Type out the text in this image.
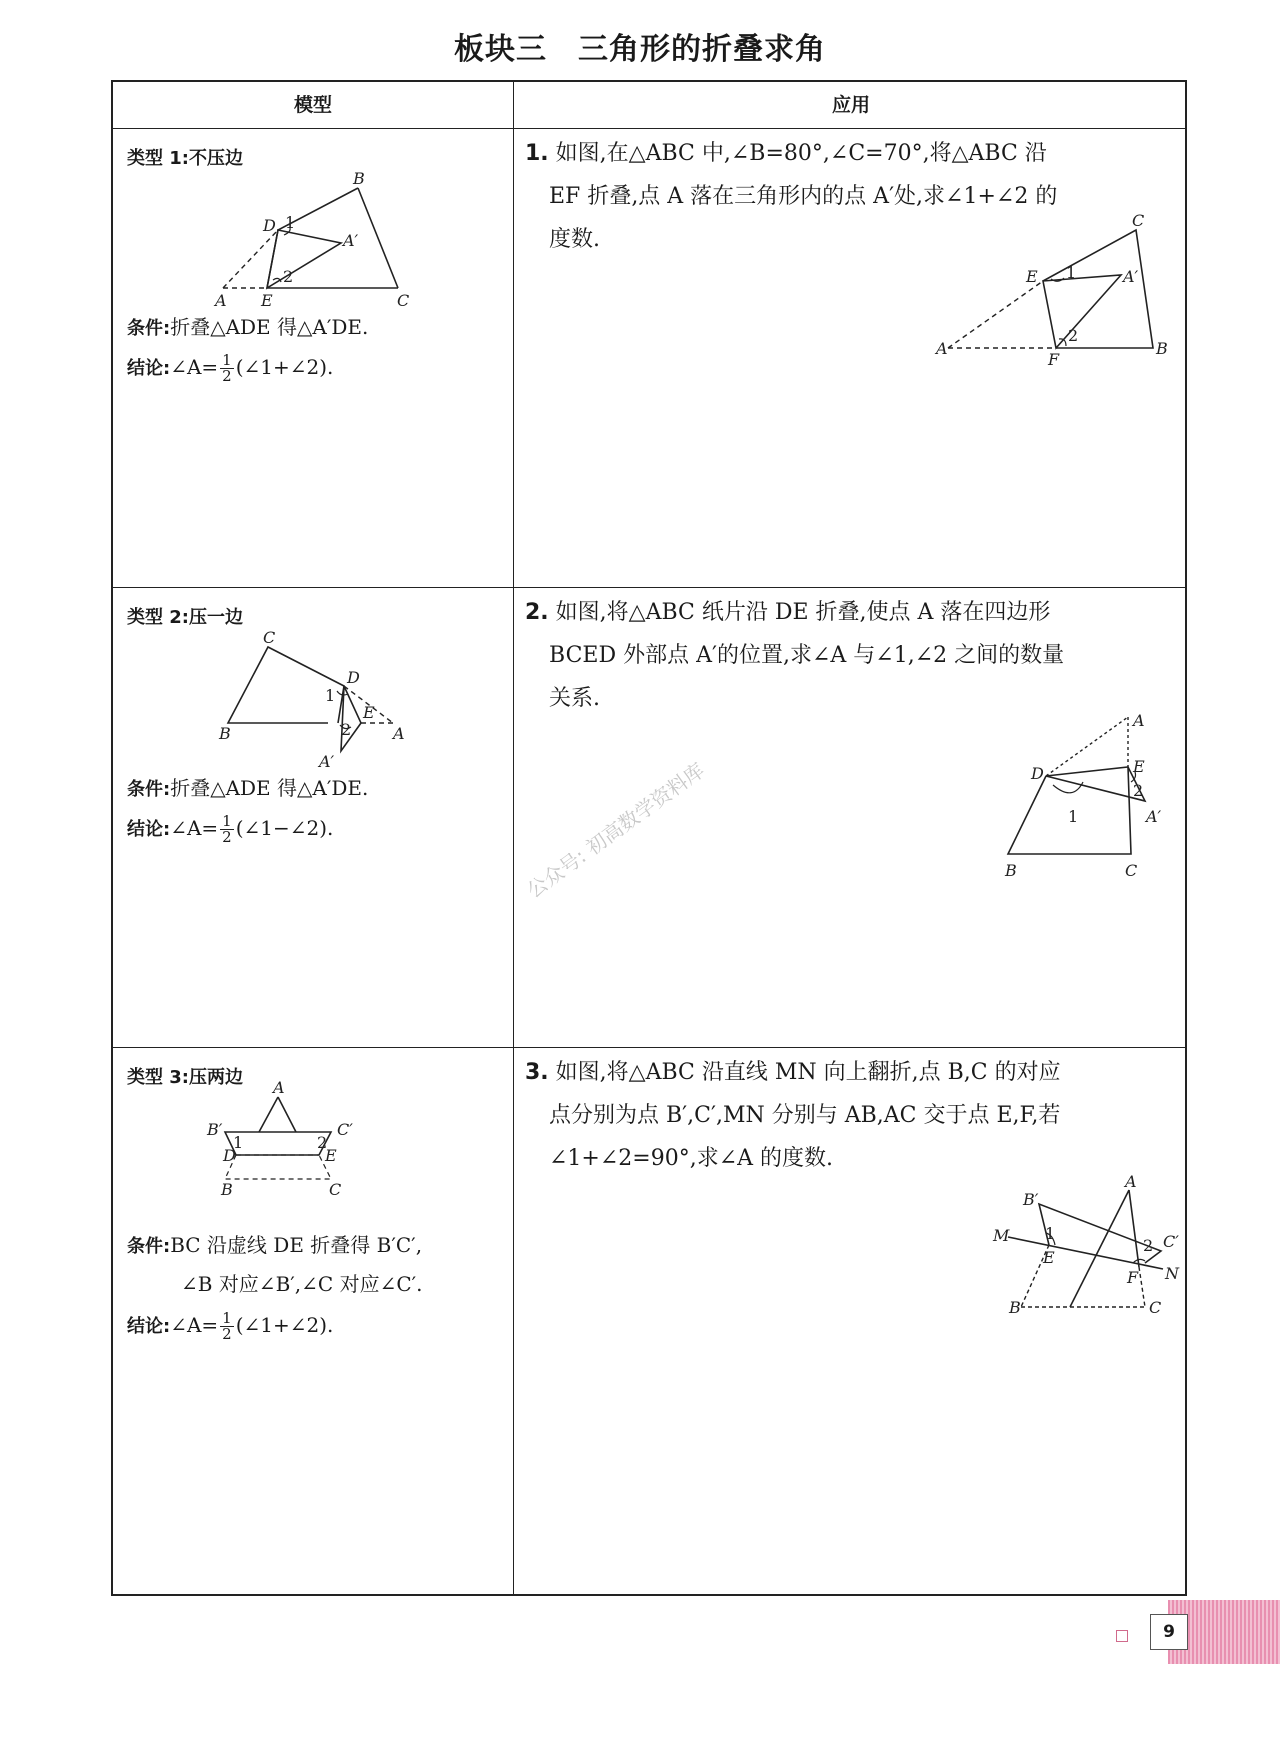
板块三　三角形的折叠求角
模型	应用
类型 1:不压边
B
D 1
A′
2
A E	C
条件:折叠△ADE 得△A′DE.
结论:∠A= $\frac{1}{2}$ (∠1+∠2).
1. 如图,在△ABC 中,∠B=80°,∠C=70°,将△ABC 沿
EF 折叠,点 A 落在三角形内的点 A′处,求∠1+∠2 的
度数.
C
E 1	A′
2
A
F
B
类型 2:压一边
C
D
1
E
2
B	A
A′
条件:折叠△ADE 得△A′DE.
结论:∠A= $\frac{1}{2}$ (∠1−∠2).
2. 如图,将△ABC 纸片沿 DE 折叠,使点 A 落在四边形
BCED 外部点 A′的位置,求∠A 与∠1,∠2 之间的数量
关系.
A
E
D
2
1	A′
B	C
类型 3:压两边 A
B′
1	2
C′
D	E
B	C
条件:BC 沿虚线 DE 折叠得 B′C′,
∠B 对应∠B′,∠C 对应∠C′.
结论:∠A= $\frac{1}{2}$ (∠1+∠2).
3. 如图,将△ABC 沿直线 MN 向上翻折,点 B,C 的对应
点分别为点 B′,C′,MN 分别与 AB,AC 交于点 E,F,若
∠1+∠2=90°,求∠A 的度数.
A
B′
M 1
2 C′
E
F N
B	C
公众号: 初高数学资料库
9
